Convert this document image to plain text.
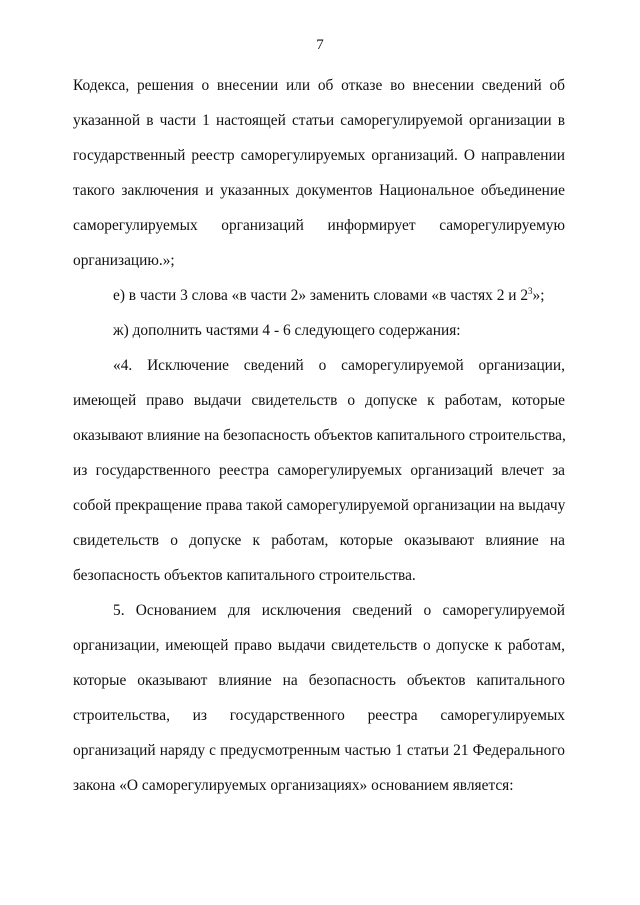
7
Кодекса, решения о внесении или об отказе во внесении сведений об
указанной в части 1 настоящей статьи саморегулируемой организации в
государственный реестр саморегулируемых организаций. О направлении
такого заключения и указанных документов Национальное объединение
саморегулируемых организаций информирует саморегулируемую
организацию.»;
е) в части 3 слова «в части 2» заменить словами «в частях 2 и $2^3$»;
ж) дополнить частями 4 - 6 следующего содержания:
«4. Исключение сведений о саморегулируемой организации,
имеющей право выдачи свидетельств о допуске к работам, которые
оказывают влияние на безопасность объектов капитального строительства,
из государственного реестра саморегулируемых организаций влечет за
собой прекращение права такой саморегулируемой организации на выдачу
свидетельств о допуске к работам, которые оказывают влияние на
безопасность объектов капитального строительства.
5. Основанием для исключения сведений о саморегулируемой
организации, имеющей право выдачи свидетельств о допуске к работам,
которые оказывают влияние на безопасность объектов капитального
строительства, из государственного реестра саморегулируемых
организаций наряду с предусмотренным частью 1 статьи 21 Федерального
закона «О саморегулируемых организациях» основанием является:
